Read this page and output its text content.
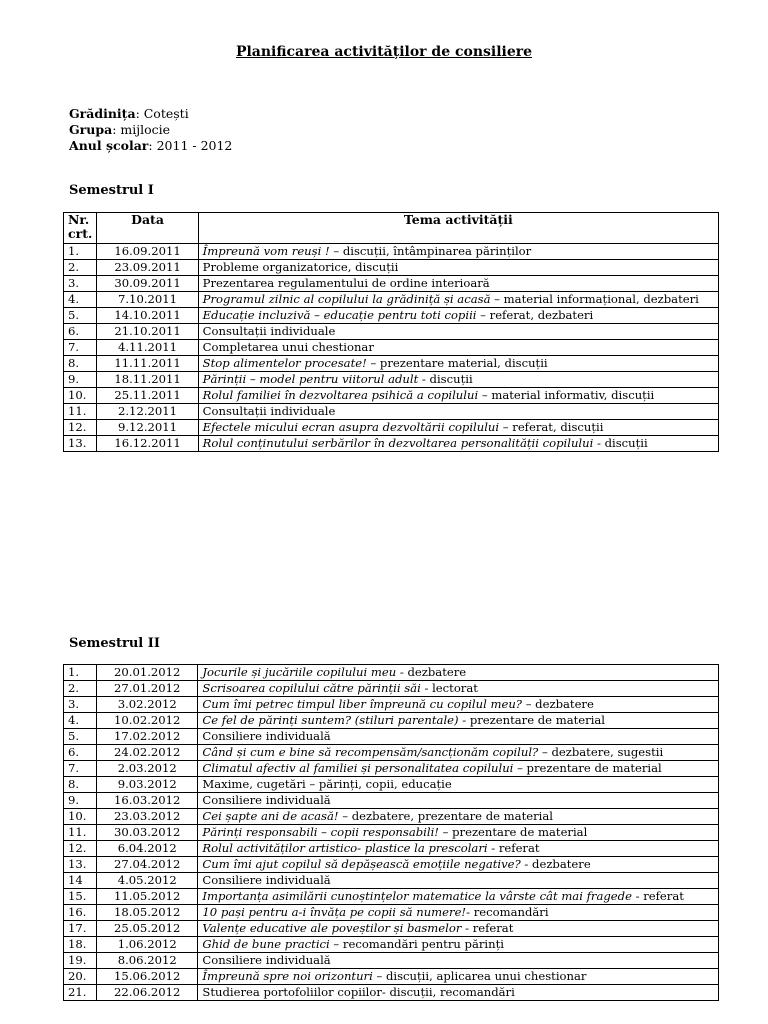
Planificarea activităților de consiliere
Grădinița: Cotești
Grupa: mijlocie
Anul școlar: 2011 - 2012
Semestrul I
Nr. crt.	Data	Tema activității
1.	16.09.2011	Împreună vom reuși ! – discuții, întâmpinarea părinților
2.	23.09.2011	Probleme organizatorice, discuții
3.	30.09.2011	Prezentarea regulamentului de ordine interioară
4.	7.10.2011	Programul zilnic al copilului la grădiniță și acasă – material informațional, dezbateri
5.	14.10.2011	Educație incluzivă – educație pentru toti copiii – referat, dezbateri
6.	21.10.2011	Consultații individuale
7.	4.11.2011	Completarea unui chestionar
8.	11.11.2011	Stop alimentelor procesate! – prezentare material, discuții
9.	18.11.2011	Părinții – model pentru viitorul adult - discuții
10.	25.11.2011	Rolul familiei în dezvoltarea psihică a copilului – material informativ, discuții
11.	2.12.2011	Consultații individuale
12.	9.12.2011	Efectele micului ecran asupra dezvoltării copilului – referat, discuții
13.	16.12.2011	Rolul conținutului serbărilor în dezvoltarea personalității copilului - discuții
Semestrul II
1.	20.01.2012	Jocurile și jucăriile copilului meu - dezbatere
2.	27.01.2012	Scrisoarea copilului către părinții săi - lectorat
3.	3.02.2012	Cum îmi petrec timpul liber împreună cu copilul meu? – dezbatere
4.	10.02.2012	Ce fel de părinți suntem? (stiluri parentale) - prezentare de material
5.	17.02.2012	Consiliere individuală
6.	24.02.2012	Când și cum e bine să recompensăm/sancționăm copilul? – dezbatere, sugestii
7.	2.03.2012	Climatul afectiv al familiei și personalitatea copilului – prezentare de material
8.	9.03.2012	Maxime, cugetări – părinți, copii, educație
9.	16.03.2012	Consiliere individuală
10.	23.03.2012	Cei șapte ani de acasă! – dezbatere, prezentare de material
11.	30.03.2012	Părinți responsabili – copii responsabili! – prezentare de material
12.	6.04.2012	Rolul activităților artistico- plastice la prescolari - referat
13.	27.04.2012	Cum îmi ajut copilul să depășească emoțiile negative? - dezbatere
14	4.05.2012	Consiliere individuală
15.	11.05.2012	Importanța asimilării cunoștințelor matematice la vârste cât mai fragede - referat
16.	18.05.2012	10 pași pentru a-i învăța pe copii să numere!- recomandări
17.	25.05.2012	Valențe educative ale poveștilor și basmelor - referat
18.	1.06.2012	Ghid de bune practici – recomandări pentru părinți
19.	8.06.2012	Consiliere individuală
20.	15.06.2012	Împreună spre noi orizonturi – discuții, aplicarea unui chestionar
21.	22.06.2012	Studierea portofoliilor copiilor- discuții, recomandări
